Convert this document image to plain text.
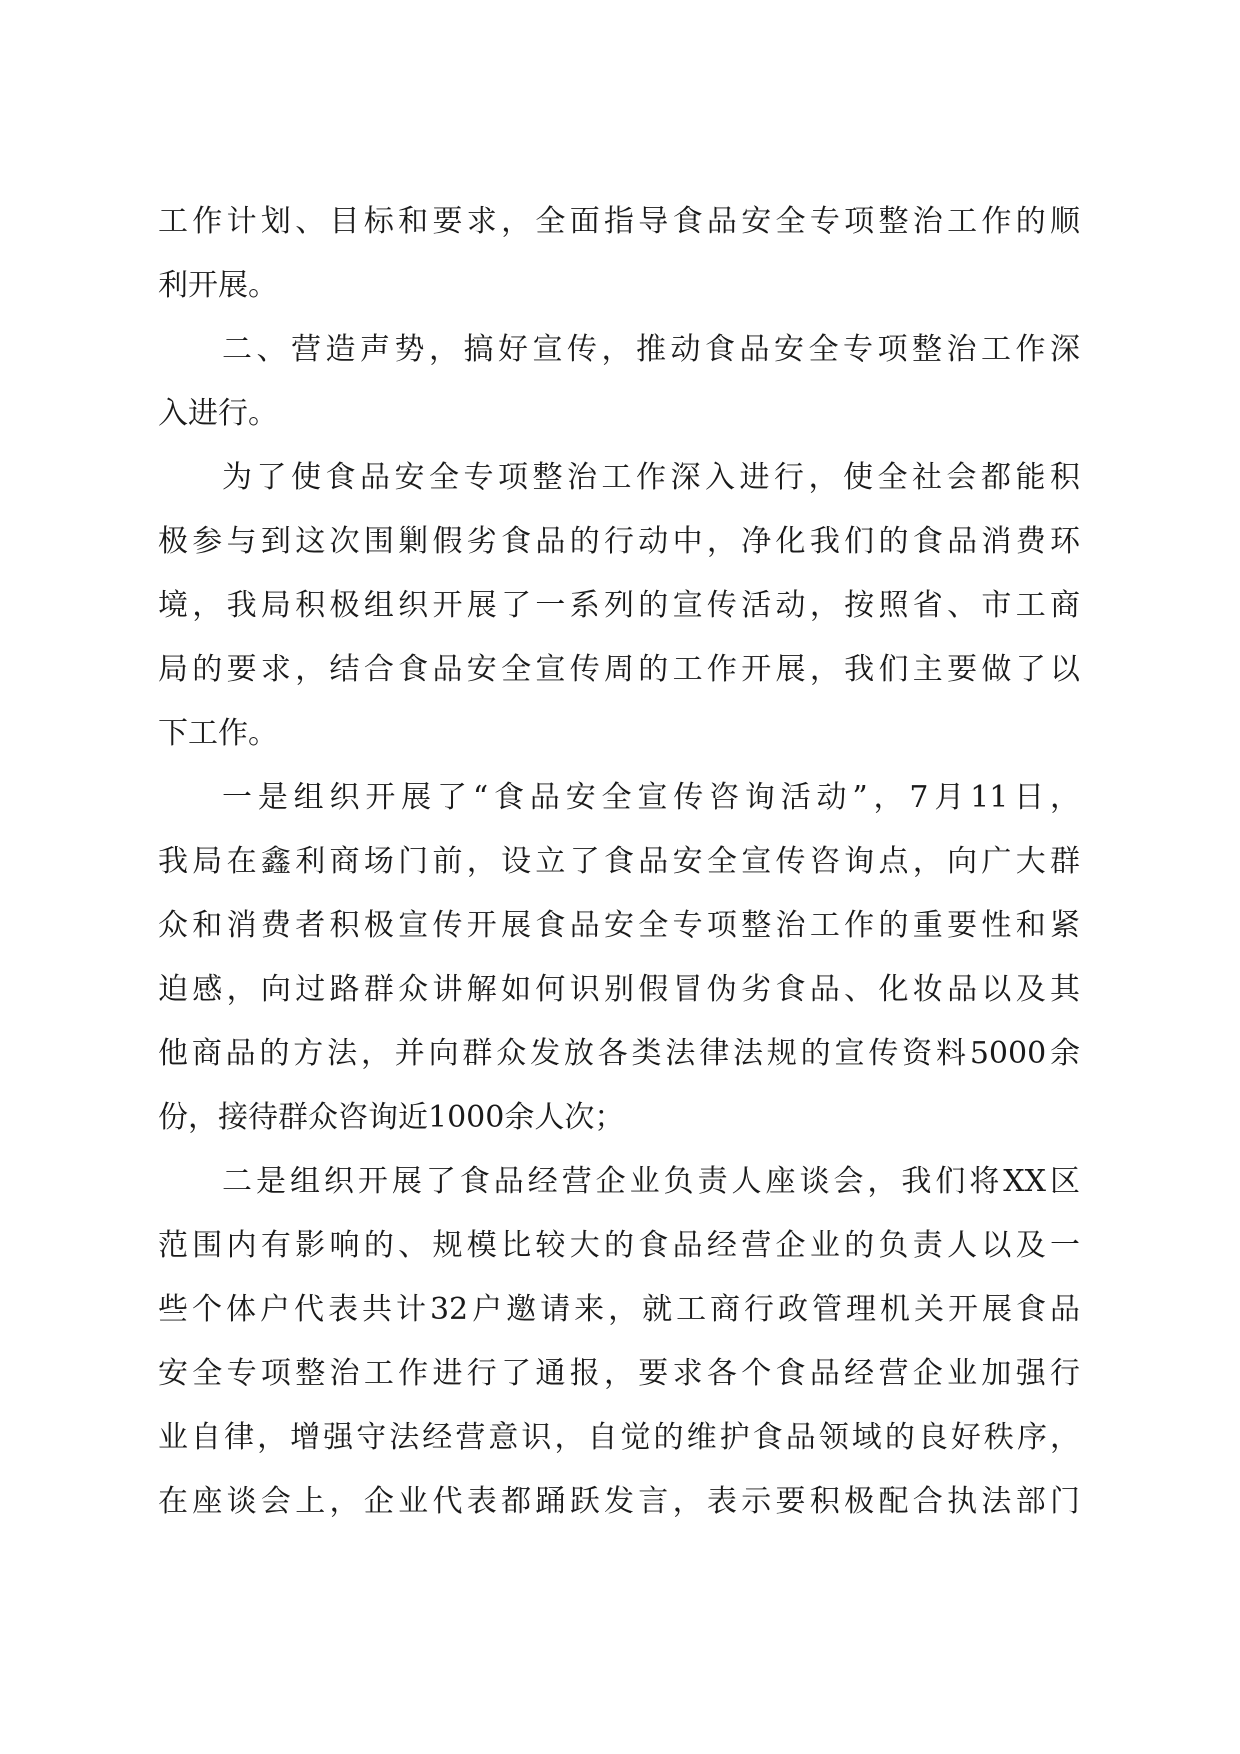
工作计划、目标和要求，全面指导食品安全专项整治工作的顺
利开展。
二、营造声势，搞好宣传，推动食品安全专项整治工作深
入进行。
为了使食品安全专项整治工作深入进行，使全社会都能积
极参与到这次围剿假劣食品的行动中，净化我们的食品消费环
境，我局积极组织开展了一系列的宣传活动，按照省、市工商
局的要求，结合食品安全宣传周的工作开展，我们主要做了以
下工作。
一是组织开展了“食品安全宣传咨询活动”，7月11日，
我局在鑫利商场门前，设立了食品安全宣传咨询点，向广大群
众和消费者积极宣传开展食品安全专项整治工作的重要性和紧
迫感，向过路群众讲解如何识别假冒伪劣食品、化妆品以及其
他商品的方法，并向群众发放各类法律法规的宣传资料5000余
份，接待群众咨询近1000余人次；
二是组织开展了食品经营企业负责人座谈会，我们将XX区
范围内有影响的、规模比较大的食品经营企业的负责人以及一
些个体户代表共计32户邀请来，就工商行政管理机关开展食品
安全专项整治工作进行了通报，要求各个食品经营企业加强行
业自律，增强守法经营意识，自觉的维护食品领域的良好秩序，
在座谈会上，企业代表都踊跃发言，表示要积极配合执法部门
